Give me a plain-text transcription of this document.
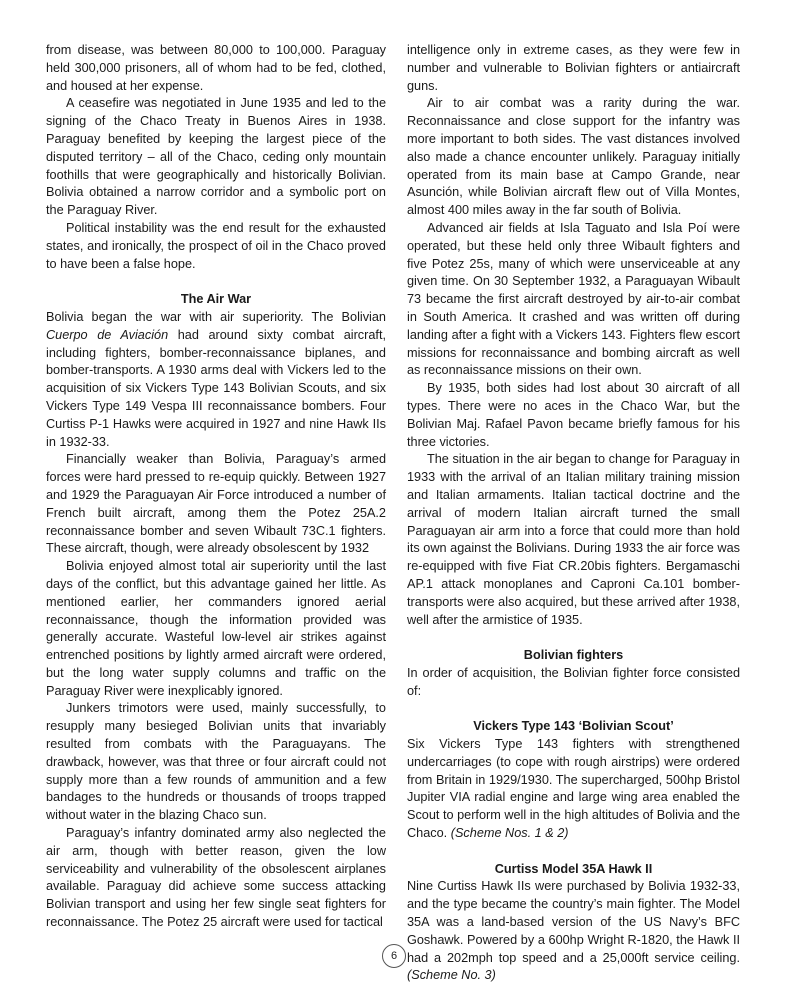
from disease, was between 80,000 to 100,000. Paraguay held 300,000 prisoners, all of whom had to be fed, clothed, and housed at her expense.

A ceasefire was negotiated in June 1935 and led to the signing of the Chaco Treaty in Buenos Aires in 1938. Paraguay benefited by keeping the largest piece of the disputed territory – all of the Chaco, ceding only mountain foothills that were geographically and historically Bolivian. Bolivia obtained a narrow corridor and a symbolic port on the Paraguay River.

Political instability was the end result for the exhausted states, and ironically, the prospect of oil in the Chaco proved to have been a false hope.

The Air War

Bolivia began the war with air superiority. The Bolivian Cuerpo de Aviación had around sixty combat aircraft, including fighters, bomber-reconnaissance biplanes, and bomber-transports. A 1930 arms deal with Vickers led to the acquisition of six Vickers Type 143 Bolivian Scouts, and six Vickers Type 149 Vespa III reconnaissance bombers. Four Curtiss P-1 Hawks were acquired in 1927 and nine Hawk IIs in 1932-33.

Financially weaker than Bolivia, Paraguay’s armed forces were hard pressed to re-equip quickly. Between 1927 and 1929 the Paraguayan Air Force introduced a number of French built aircraft, among them the Potez 25A.2 reconnaissance bomber and seven Wibault 73C.1 fighters. These aircraft, though, were already obsolescent by 1932

Bolivia enjoyed almost total air superiority until the last days of the conflict, but this advantage gained her little. As mentioned earlier, her commanders ignored aerial reconnaissance, though the information provided was generally accurate. Wasteful low-level air strikes against entrenched positions by lightly armed aircraft were ordered, but the long water supply columns and traffic on the Paraguay River were inexplicably ignored.

Junkers trimotors were used, mainly successfully, to resupply many besieged Bolivian units that invariably resulted from combats with the Paraguayans. The drawback, however, was that three or four aircraft could not supply more than a few rounds of ammunition and a few bandages to the hundreds or thousands of troops trapped without water in the blazing Chaco sun.

Paraguay’s infantry dominated army also neglected the air arm, though with better reason, given the low serviceability and vulnerability of the obsolescent airplanes available. Paraguay did achieve some success attacking Bolivian transport and using her few single seat fighters for reconnaissance. The Potez 25 aircraft were used for tactical

intelligence only in extreme cases, as they were few in number and vulnerable to Bolivian fighters or antiaircraft guns.

Air to air combat was a rarity during the war. Reconnaissance and close support for the infantry was more important to both sides. The vast distances involved also made a chance encounter unlikely. Paraguay initially operated from its main base at Campo Grande, near Asunción, while Bolivian aircraft flew out of Villa Montes, almost 400 miles away in the far south of Bolivia.

Advanced air fields at Isla Taguato and Isla Poí were operated, but these held only three Wibault fighters and five Potez 25s, many of which were unserviceable at any given time. On 30 September 1932, a Paraguayan Wibault 73 became the first aircraft destroyed by air-to-air combat in South America. It crashed and was written off during landing after a fight with a Vickers 143. Fighters flew escort missions for reconnaissance and bombing aircraft as well as reconnaissance missions on their own.

By 1935, both sides had lost about 30 aircraft of all types. There were no aces in the Chaco War, but the Bolivian Maj. Rafael Pavon became briefly famous for his three victories.

The situation in the air began to change for Paraguay in 1933 with the arrival of an Italian military training mission and Italian armaments. Italian tactical doctrine and the arrival of modern Italian aircraft turned the small Paraguayan air arm into a force that could more than hold its own against the Bolivians. During 1933 the air force was re-equipped with five Fiat CR.20bis fighters. Bergamaschi AP.1 attack monoplanes and Caproni Ca.101 bomber-transports were also acquired, but these arrived after 1938, well after the armistice of 1935.

Bolivian fighters

In order of acquisition, the Bolivian fighter force consisted of:

Vickers Type 143 ‘Bolivian Scout’

Six Vickers Type 143 fighters with strengthened undercarriages (to cope with rough airstrips) were ordered from Britain in 1929/1930. The supercharged, 500hp Bristol Jupiter VIA radial engine and large wing area enabled the Scout to perform well in the high altitudes of Bolivia and the Chaco. (Scheme Nos. 1 & 2)

Curtiss Model 35A Hawk II

Nine Curtiss Hawk IIs were purchased by Bolivia 1932-33, and the type became the country’s main fighter. The Model 35A was a land-based version of the US Navy’s BFC Goshawk. Powered by a 600hp Wright R-1820, the Hawk II had a 202mph top speed and a 25,000ft service ceiling. (Scheme No. 3)

6
